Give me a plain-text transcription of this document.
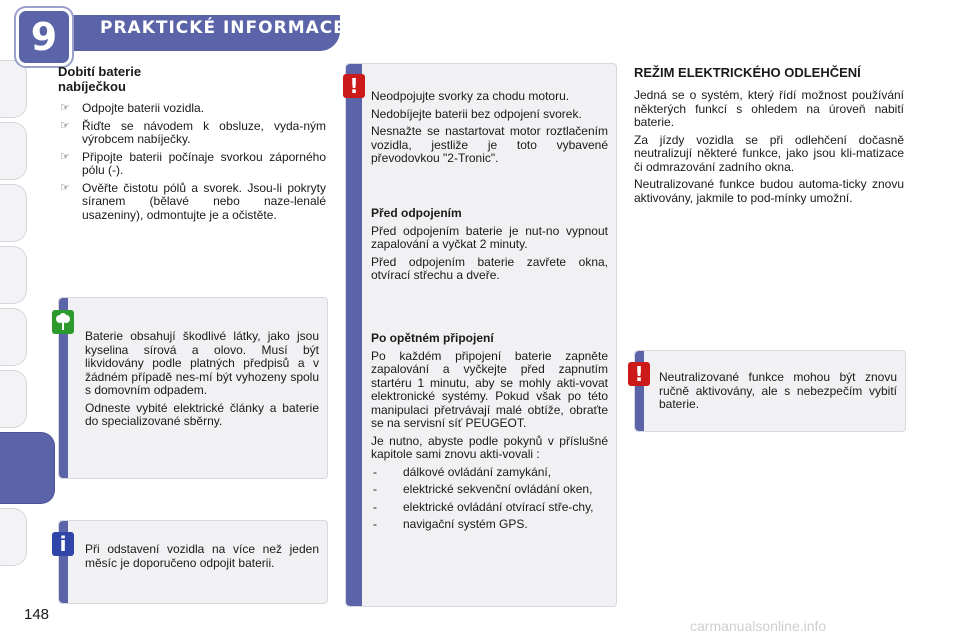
9	PRAKTICKÉ INFORMACE
Dobití baterie
nabíječkou
☞ Odpojte baterii vozidla.
☞ Řiďte se návodem k obsluze, vyda-ným výrobcem nabíječky.
☞ Připojte baterii počínaje svorkou záporného pólu (-).
☞ Ověřte čistotu pólů a svorek. Jsou-li pokryty síranem (bělavé nebo naze-lenalé usazeniny), odmontujte je a očistěte.

Baterie obsahují škodlivé látky, jako jsou kyselina sírová a olovo. Musí být likvidovány podle platných předpisů a v žádném případě nes-mí být vyhozeny spolu s domovním odpadem.

Odneste vybité elektrické články a baterie do specializované sběrny.

Při odstavení vozidla na více než jeden měsíc je doporučeno odpojit baterii.

i

Neodpojujte svorky za chodu motoru.

Nedobíjejte baterii bez odpojení svorek.

Nesnažte se nastartovat motor roztlačením vozidla, jestliže je toto vybavené převodovkou "2-Tronic".

Před odpojením

Před odpojením baterie je nut-no vypnout zapalování a vyčkat 2 minuty.

Před odpojením baterie zavřete okna, otvírací střechu a dveře.

Po opětném připojení

Po každém připojení baterie zapněte zapalování a vyčkejte před zapnutím startéru 1 minutu, aby se mohly akti-vovat elektronické systémy. Pokud však po této manipulaci přetrvávají malé obtíže, obraťte se na servisní síť PEUGEOT.

Je nutno, abyste podle pokynů v příslušné kapitole sami znovu akti-vovali :

- dálkové ovládání zamykání,
- elektrické sekvenční ovládání oken,
- elektrické ovládání otvírací stře-chy,
- navigační systém GPS.
!
REŽIM ELEKTRICKÉHO ODLEHČENÍ

Jedná se o systém, který řídí možnost používání některých funkcí s ohledem na úroveň nabití baterie.

Za jízdy vozidla se při odlehčení dočasně neutralizují některé funkce, jako jsou kli-matizace či odmrazování zadního okna.

Neutralizované funkce budou automa-ticky znovu aktivovány, jakmile to pod-mínky umožní.

Neutralizované funkce mohou být znovu ručně aktivovány, ale s nebezpečím vybití baterie.

!
148
carmanualsonline.info
